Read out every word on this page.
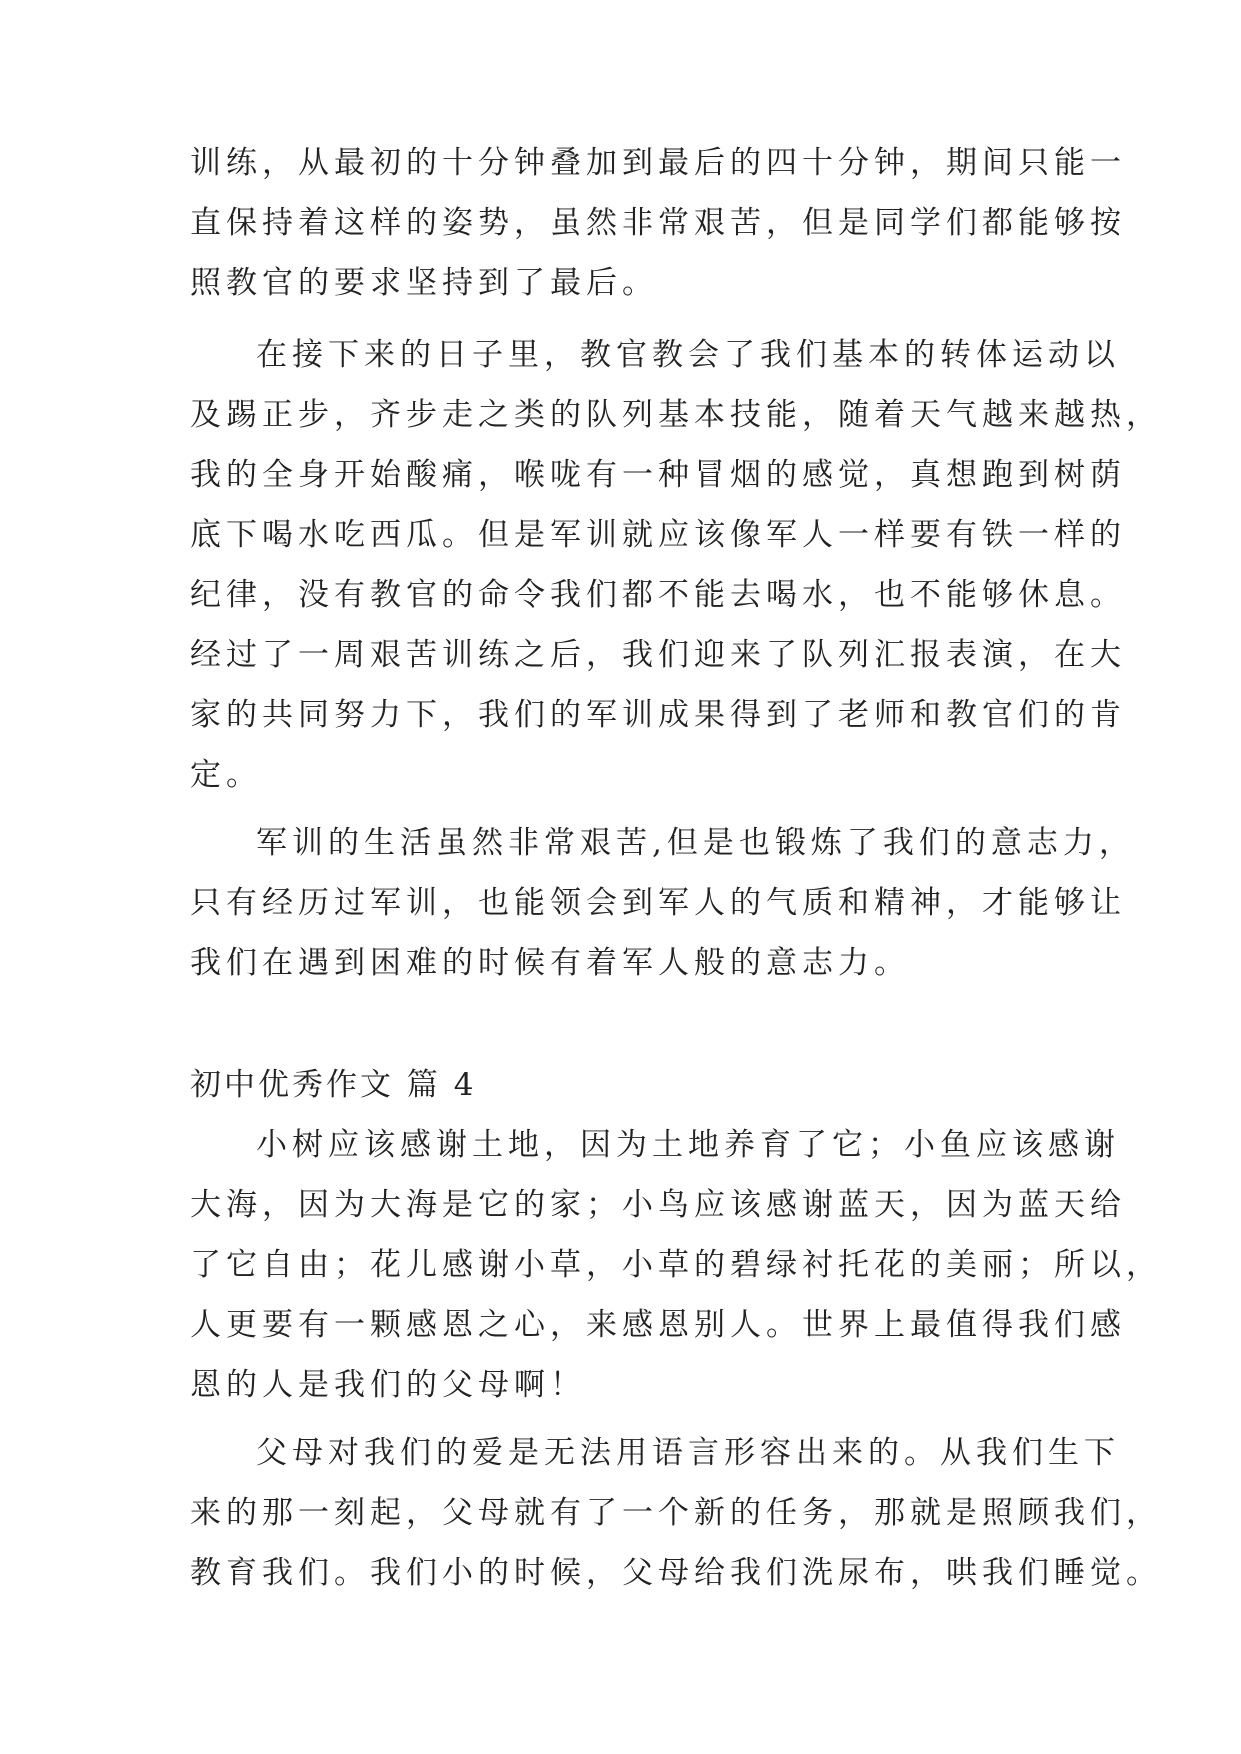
训练，从最初的十分钟叠加到最后的四十分钟，期间只能一
直保持着这样的姿势，虽然非常艰苦，但是同学们都能够按
照教官的要求坚持到了最后。
在接下来的日子里，教官教会了我们基本的转体运动以
及踢正步，齐步走之类的队列基本技能，随着天气越来越热，
我的全身开始酸痛，喉咙有一种冒烟的感觉，真想跑到树荫
底下喝水吃西瓜。但是军训就应该像军人一样要有铁一样的
纪律，没有教官的命令我们都不能去喝水，也不能够休息。
经过了一周艰苦训练之后，我们迎来了队列汇报表演，在大
家的共同努力下，我们的军训成果得到了老师和教官们的肯
定。
军训的生活虽然非常艰苦,但是也锻炼了我们的意志力，
只有经历过军训，也能领会到军人的气质和精神，才能够让
我们在遇到困难的时候有着军人般的意志力。
初中优秀作文 篇 4
小树应该感谢土地，因为土地养育了它；小鱼应该感谢
大海，因为大海是它的家；小鸟应该感谢蓝天，因为蓝天给
了它自由；花儿感谢小草，小草的碧绿衬托花的美丽；所以，
人更要有一颗感恩之心，来感恩别人。世界上最值得我们感
恩的人是我们的父母啊！
父母对我们的爱是无法用语言形容出来的。从我们生下
来的那一刻起，父母就有了一个新的任务，那就是照顾我们，
教育我们。我们小的时候，父母给我们洗尿布，哄我们睡觉。
